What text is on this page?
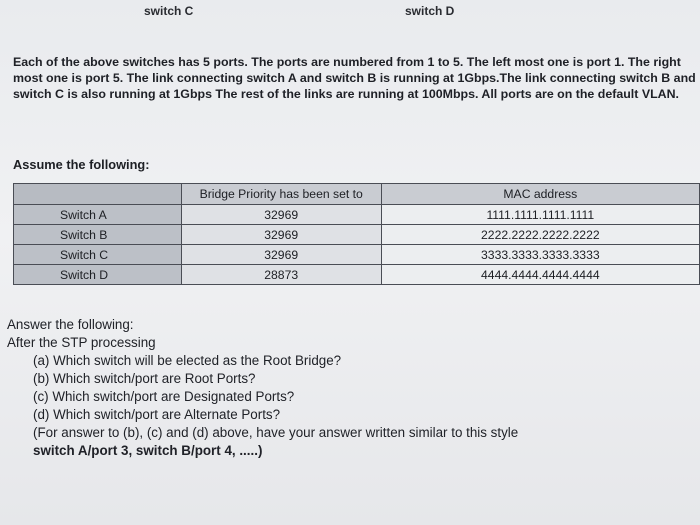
switch C	switch D
Each of the above switches has 5 ports. The ports are numbered from 1 to 5. The left most one is port 1. The right most one is port 5. The link connecting switch A and switch B is running at 1Gbps.The link connecting switch B and switch C is also running at 1Gbps The rest of the links are running at 100Mbps. All ports are on the default VLAN.
Assume the following:
	Bridge Priority has been set to	MAC address
Switch A	32969	1111.1111.1111.1111
Switch B	32969	2222.2222.2222.2222
Switch C	32969	3333.3333.3333.3333
Switch D	28873	4444.4444.4444.4444
Answer the following:
After the STP processing
(a) Which switch will be elected as the Root Bridge?
(b) Which switch/port are Root Ports?
(c) Which switch/port are Designated Ports?
(d) Which switch/port are Alternate Ports?
(For answer to (b), (c) and (d) above, have your answer written similar to this style
switch A/port 3, switch B/port 4, .....)
